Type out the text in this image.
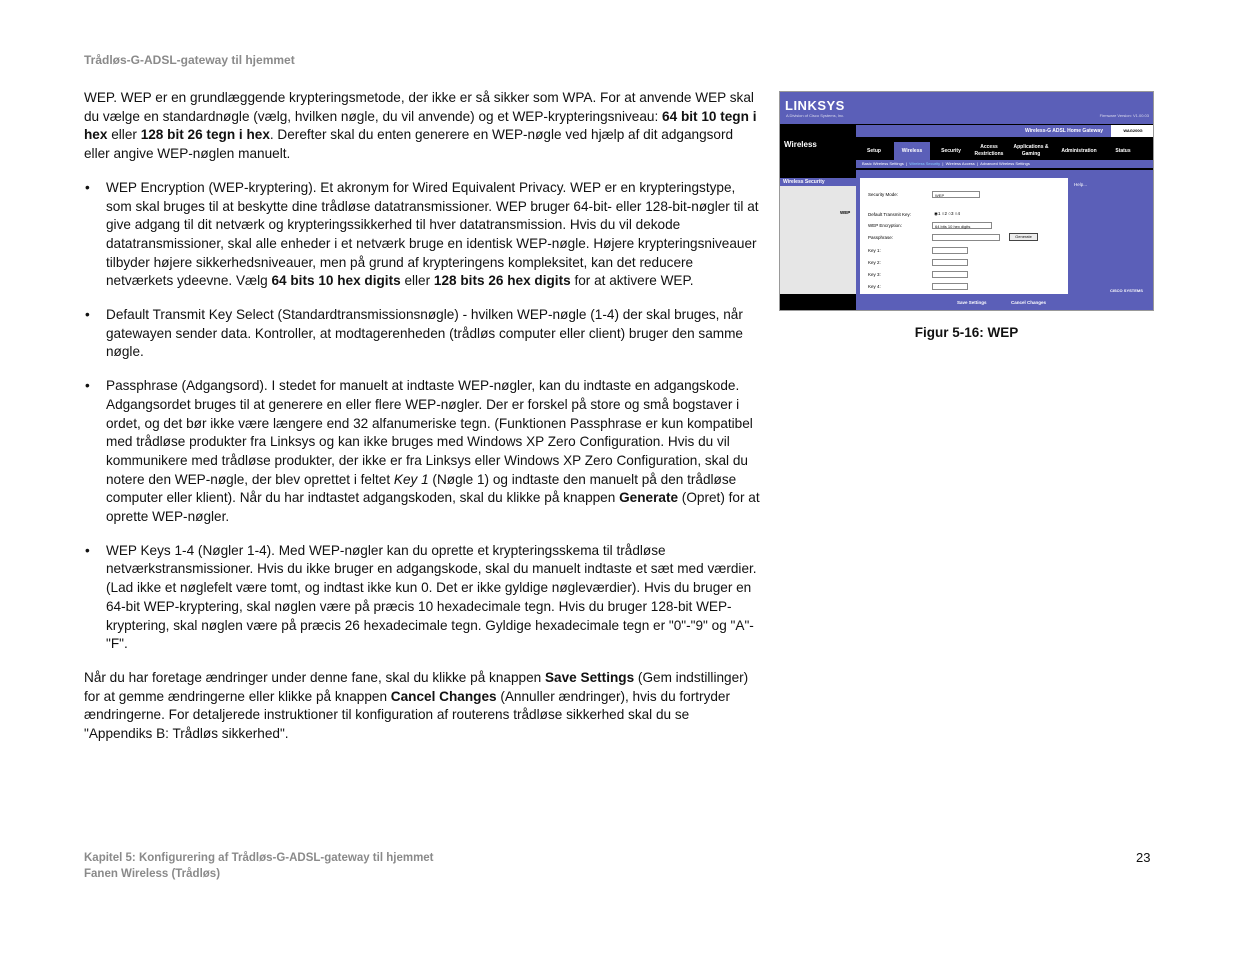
Trådløs-G-ADSL-gateway til hjemmet

WEP. WEP er en grundlæggende krypteringsmetode, der ikke er så sikker som WPA. For at anvende WEP skal du vælge en standardnøgle (vælg, hvilken nøgle, du vil anvende) og et WEP-krypteringsniveau: 64 bit 10 tegn i hex eller 128 bit 26 tegn i hex. Derefter skal du enten generere en WEP-nøgle ved hjælp af dit adgangsord eller angive WEP-nøglen manuelt.

• WEP Encryption (WEP-kryptering). Et akronym for Wired Equivalent Privacy. WEP er en krypteringstype, som skal bruges til at beskytte dine trådløse datatransmissioner. WEP bruger 64-bit- eller 128-bit-nøgler til at give adgang til dit netværk og krypteringssikkerhed til hver datatransmission. Hvis du vil dekode datatransmissioner, skal alle enheder i et netværk bruge en identisk WEP-nøgle. Højere krypteringsniveauer tilbyder højere sikkerhedsniveauer, men på grund af krypteringens kompleksitet, kan det reducere netværkets ydeevne. Vælg 64 bits 10 hex digits eller 128 bits 26 hex digits for at aktivere WEP.
• Default Transmit Key Select (Standardtransmissionsnøgle) - hvilken WEP-nøgle (1-4) der skal bruges, når gatewayen sender data. Kontroller, at modtagerenheden (trådløs computer eller client) bruger den samme nøgle.
• Passphrase (Adgangsord). I stedet for manuelt at indtaste WEP-nøgler, kan du indtaste en adgangskode. Adgangsordet bruges til at generere en eller flere WEP-nøgler. Der er forskel på store og små bogstaver i ordet, og det bør ikke være længere end 32 alfanumeriske tegn. (Funktionen Passphrase er kun kompatibel med trådløse produkter fra Linksys og kan ikke bruges med Windows XP Zero Configuration. Hvis du vil kommunikere med trådløse produkter, der ikke er fra Linksys eller Windows XP Zero Configuration, skal du notere den WEP-nøgle, der blev oprettet i feltet Key 1 (Nøgle 1) og indtaste den manuelt på den trådløse computer eller klient). Når du har indtastet adgangskoden, skal du klikke på knappen Generate (Opret) for at oprette WEP-nøgler.
• WEP Keys 1-4 (Nøgler 1-4). Med WEP-nøgler kan du oprette et krypteringsskema til trådløse netværkstransmissioner. Hvis du ikke bruger en adgangskode, skal du manuelt indtaste et sæt med værdier. (Lad ikke et nøglefelt være tomt, og indtast ikke kun 0. Det er ikke gyldige nøgleværdier). Hvis du bruger en 64-bit WEP-kryptering, skal nøglen være på præcis 10 hexadecimale tegn. Hvis du bruger 128-bit WEP-kryptering, skal nøglen være på præcis 26 hexadecimale tegn. Gyldige hexadecimale tegn er "0"-"9" og "A"-"F".

Når du har foretage ændringer under denne fane, skal du klikke på knappen Save Settings (Gem indstillinger) for at gemme ændringerne eller klikke på knappen Cancel Changes (Annuller ændringer), hvis du fortryder ændringerne. For detaljerede instruktioner til konfiguration af routerens trådløse sikkerhed skal du se "Appendiks B: Trådløs sikkerhed".

LINKSYS
A Division of Cisco Systems, Inc.	Firmware Version: V1.00.03
Wireless
Wireless-G ADSL Home Gateway	WAG200G
Setup	Wireless	Security
Access Restrictions
Applications & Gaming	Administration	Status
Basic Wireless Settings  |  Wireless Security  |  Wireless Access  |  Advanced Wireless Settings
Wireless Security
WEP
Security Mode:	WEP
Default Transmit Key:	◉1 ○2 ○3 ○4
WEP Encryption:	64 bits 10 hex digits
Passphrase:	Generate
Key 1:
Key 2:
Key 3:
Key 4:
Help...
Save Settings	Cancel Changes
CISCO SYSTEMS
Figur 5-16: WEP
Kapitel 5: Konfigurering af Trådløs-G-ADSL-gateway til hjemmet
Fanen Wireless (Trådløs)
23
